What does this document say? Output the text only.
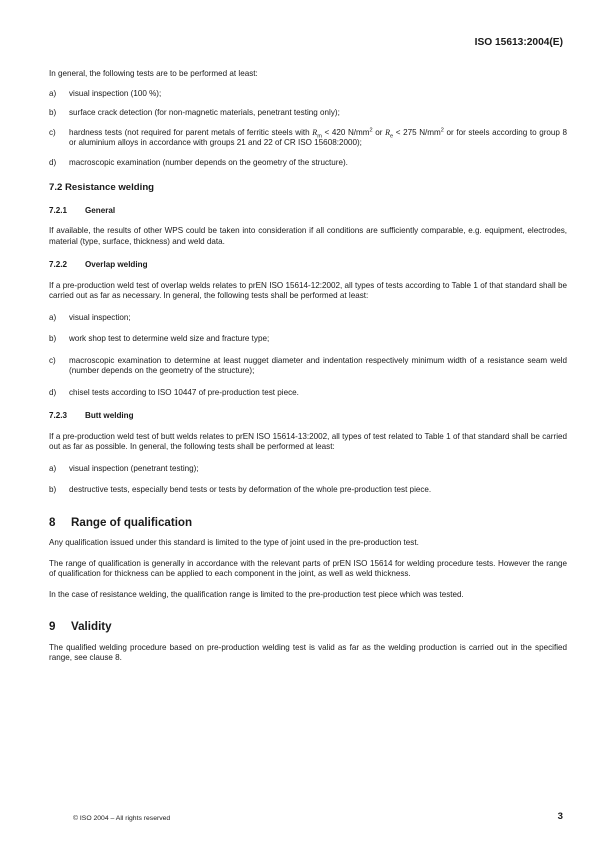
ISO 15613:2004(E)

In general, the following tests are to be performed at least:

a)	visual inspection (100 %);
b)	surface crack detection (for non-magnetic materials, penetrant testing only);
c)	hardness tests (not required for parent metals of ferritic steels with $R_m < 420$ $N/mm^2$ or $R_e < 275$ $N/mm^2$ or for steels according to group 8 or aluminium alloys in accordance with groups 21 and 22 of CR ISO 15608:2000);
d)	macroscopic examination (number depends on the geometry of the structure).
7.2 Resistance welding
7.2.1 General

If available, the results of other WPS could be taken into consideration if all conditions are sufficiently comparable, e.g. equipment, electrodes, material (type, surface, thickness) and weld data.

7.2.2 Overlap welding

If a pre-production weld test of overlap welds relates to prEN ISO 15614-12:2002, all types of tests according to Table 1 of that standard shall be carried out as far as necessary. In general, the following tests shall be performed at least:

a)	visual inspection;
b)	work shop test to determine weld size and fracture type;
c)	macroscopic examination to determine at least nugget diameter and indentation respectively minimum width of a resistance seam weld (number depends on the geometry of the structure);
d)	chisel tests according to ISO 10447 of pre-production test piece.
7.2.3 Butt welding

If a pre-production weld test of butt welds relates to prEN ISO 15614-13:2002, all types of test related to Table 1 of that standard shall be carried out as far as possible. In general, the following tests shall be performed at least:

a)	visual inspection (penetrant testing);
b)	destructive tests, especially bend tests or tests by deformation of the whole pre-production test piece.
8 Range of qualification

Any qualification issued under this standard is limited to the type of joint used in the pre-production test.

The range of qualification is generally in accordance with the relevant parts of prEN ISO 15614 for welding procedure tests. However the range of qualification for thickness can be applied to each component in the joint, as well as weld thickness.

In the case of resistance welding, the qualification range is limited to the pre-production test piece which was tested.

9 Validity

The qualified welding procedure based on pre-production welding test is valid as far as the welding production is carried out in the specified range, see clause 8.

© ISO 2004 – All rights reserved	3
